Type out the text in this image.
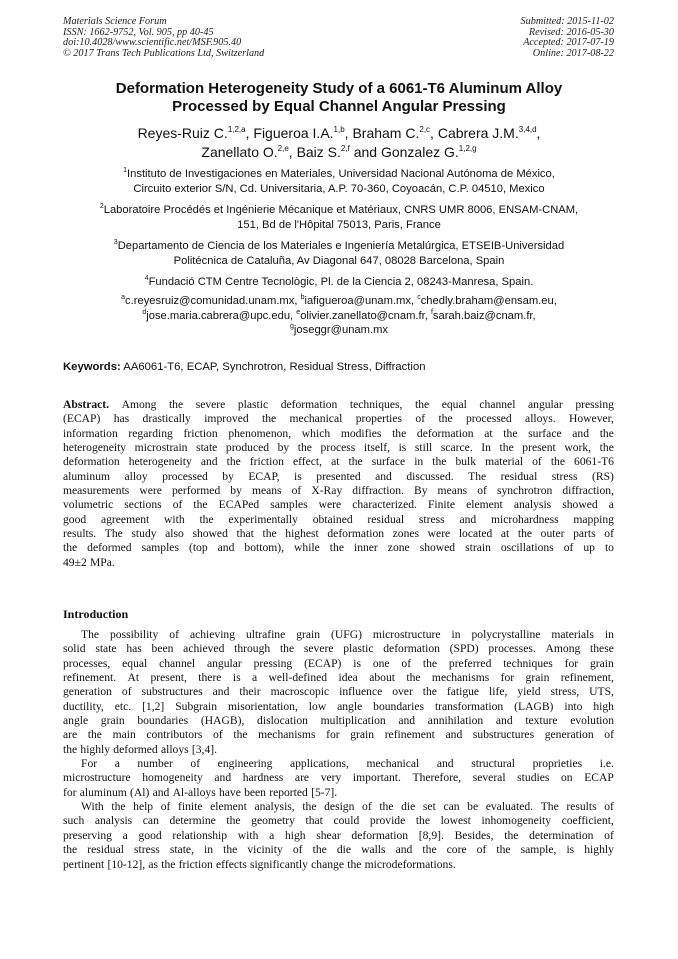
Materials Science Forum
ISSN: 1662-9752, Vol. 905, pp 40-45
doi:10.4028/www.scientific.net/MSF.905.40
© 2017 Trans Tech Publications Ltd, Switzerland
Submitted: 2015-11-02
Revised: 2016-05-30
Accepted: 2017-07-19
Online: 2017-08-22
Deformation Heterogeneity Study of a 6061-T6 Aluminum Alloy
Processed by Equal Channel Angular Pressing
Reyes-Ruiz C.$^{1,2,a}$, Figueroa I.A.$^{1,b}$, Braham C.$^{2,c}$, Cabrera J.M.$^{3,4,d}$,
Zanellato O.$^{2,e}$, Baiz S.$^{2,f}$ and Gonzalez G.$^{1,2,g}$
$^1$Instituto de Investigaciones en Materiales, Universidad Nacional Autónoma de México,
Circuito exterior S/N, Cd. Universitaria, A.P. 70-360, Coyoacán, C.P. 04510, Mexico
$^2$Laboratoire Procédés et Ingénierie Mécanique et Matériaux, CNRS UMR 8006, ENSAM-CNAM,
151, Bd de l'Hôpital 75013, Paris, France
$^3$Departamento de Ciencia de los Materiales e Ingeniería Metalúrgica, ETSEIB-Universidad
Politécnica de Cataluña, Av Diagonal 647, 08028 Barcelona, Spain
$^4$Fundació CTM Centre Tecnològic, Pl. de la Ciencia 2, 08243-Manresa, Spain.
$^a$c.reyesruiz@comunidad.unam.mx, $^b$iafigueroa@unam.mx, $^c$chedly.braham@ensam.eu,
$^d$jose.maria.cabrera@upc.edu, $^e$olivier.zanellato@cnam.fr, $^f$sarah.baiz@cnam.fr,
$^g$joseggr@unam.mx
Keywords: AA6061-T6, ECAP, Synchrotron, Residual Stress, Diffraction
Abstract. Among the severe plastic deformation techniques, the equal channel angular pressing
(ECAP) has drastically improved the mechanical properties of the processed alloys. However,
information regarding friction phenomenon, which modifies the deformation at the surface and the
heterogeneity microstrain state produced by the process itself, is still scarce. In the present work, the
deformation heterogeneity and the friction effect, at the surface in the bulk material of the 6061-T6
aluminum alloy processed by ECAP, is presented and discussed. The residual stress (RS)
measurements were performed by means of X-Ray diffraction. By means of synchrotron diffraction,
volumetric sections of the ECAPed samples were characterized. Finite element analysis showed a
good agreement with the experimentally obtained residual stress and microhardness mapping
results. The study also showed that the highest deformation zones were located at the outer parts of
the deformed samples (top and bottom), while the inner zone showed strain oscillations of up to
49±2 MPa.
Introduction
The possibility of achieving ultrafine grain (UFG) microstructure in polycrystalline materials in
solid state has been achieved through the severe plastic deformation (SPD) processes. Among these
processes, equal channel angular pressing (ECAP) is one of the preferred techniques for grain
refinement. At present, there is a well-defined idea about the mechanisms for grain refinement,
generation of substructures and their macroscopic influence over the fatigue life, yield stress, UTS,
ductility, etc. [1,2] Subgrain misorientation, low angle boundaries transformation (LAGB) into high
angle grain boundaries (HAGB), dislocation multiplication and annihilation and texture evolution
are the main contributors of the mechanisms for grain refinement and substructures generation of
the highly deformed alloys [3,4].
For a number of engineering applications, mechanical and structural proprieties i.e.
microstructure homogeneity and hardness are very important. Therefore, several studies on ECAP
for aluminum (Al) and Al-alloys have been reported [5-7].
With the help of finite element analysis, the design of the die set can be evaluated. The results of
such analysis can determine the geometry that could provide the lowest inhomogeneity coefficient,
preserving a good relationship with a high shear deformation [8,9]. Besides, the determination of
the residual stress state, in the vicinity of the die walls and the core of the sample, is highly
pertinent [10-12], as the friction effects significantly change the microdeformations.
